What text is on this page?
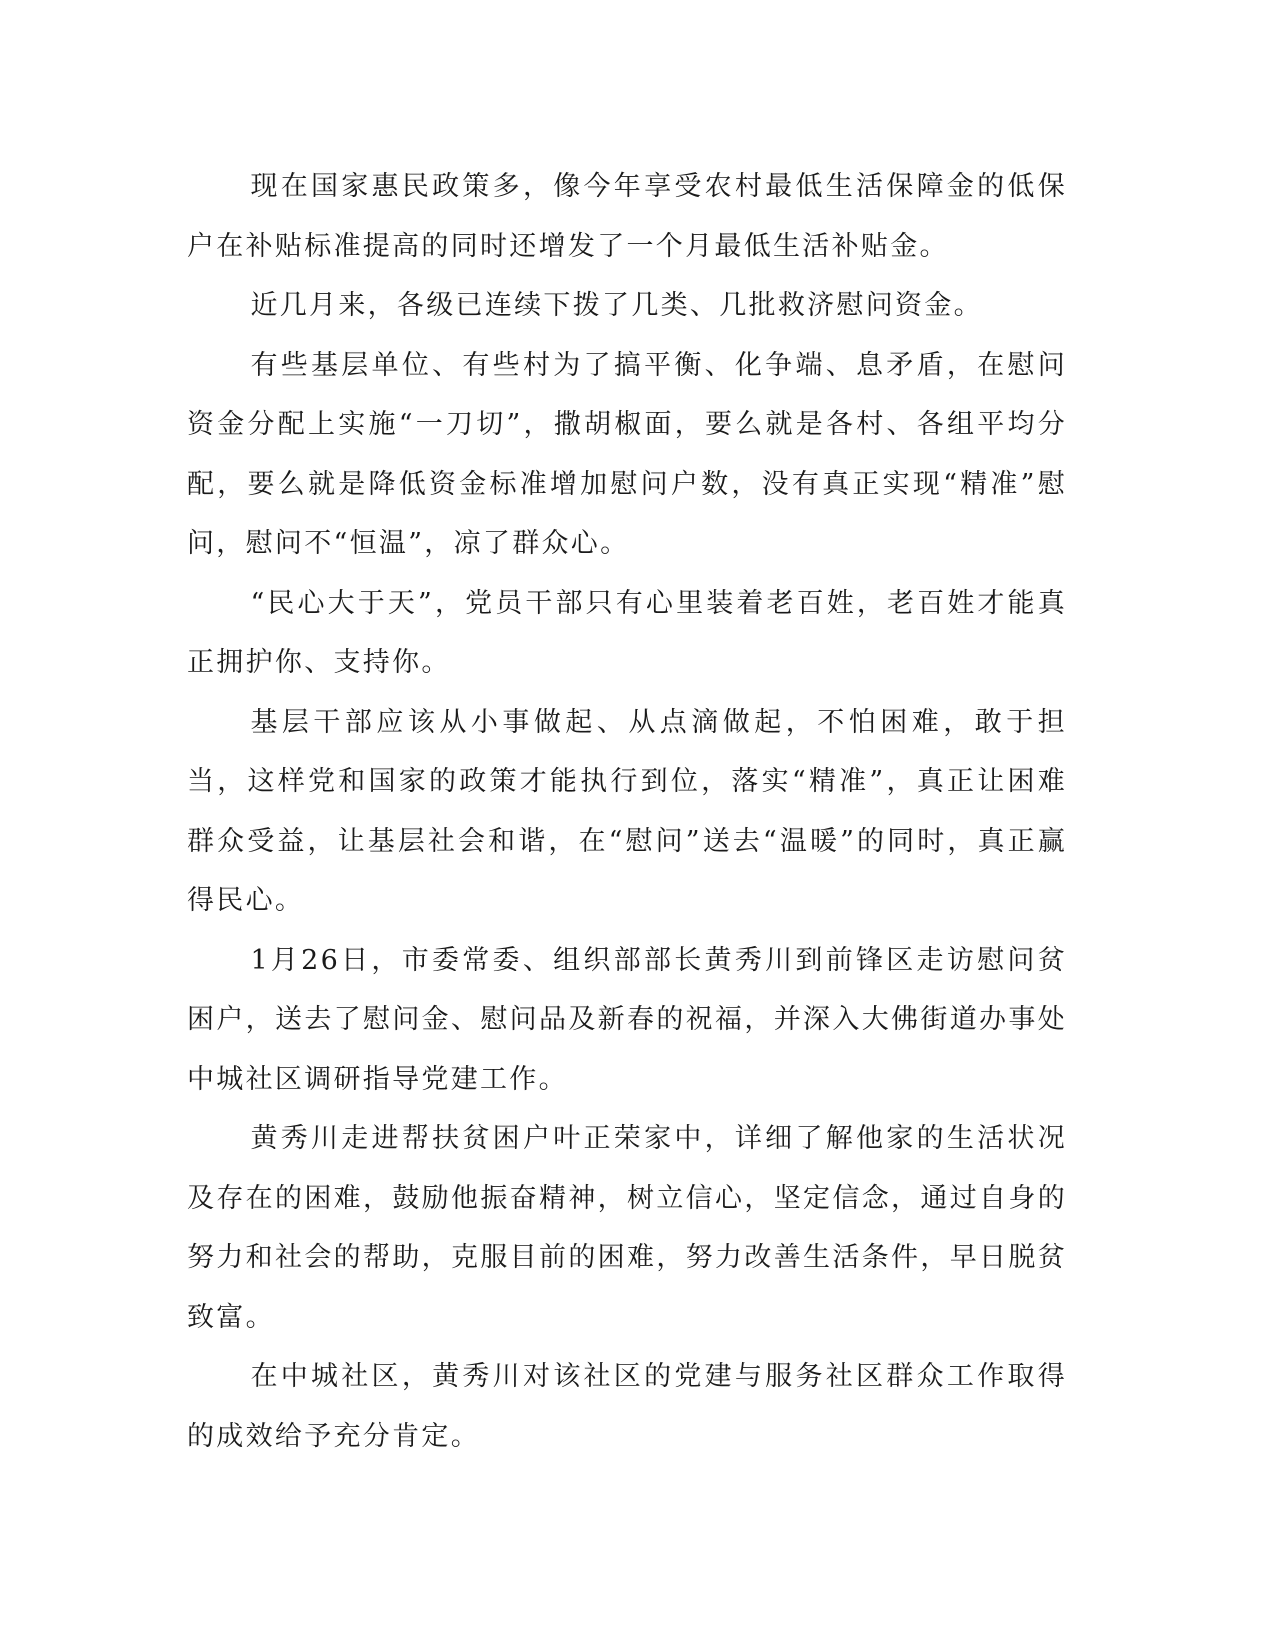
现在国家惠民政策多，像今年享受农村最低生活保障金的低保户在补贴标准提高的同时还增发了一个月最低生活补贴金。

近几月来，各级已连续下拨了几类、几批救济慰问资金。

有些基层单位、有些村为了搞平衡、化争端、息矛盾，在慰问资金分配上实施“一刀切”，撒胡椒面，要么就是各村、各组平均分配，要么就是降低资金标准增加慰问户数，没有真正实现“精准”慰问，慰问不“恒温”，凉了群众心。

“民心大于天”，党员干部只有心里装着老百姓，老百姓才能真正拥护你、支持你。

基层干部应该从小事做起、从点滴做起，不怕困难，敢于担当，这样党和国家的政策才能执行到位，落实“精准”，真正让困难群众受益，让基层社会和谐，在“慰问”送去“温暖”的同时，真正赢得民心。

1月26日，市委常委、组织部部长黄秀川到前锋区走访慰问贫困户，送去了慰问金、慰问品及新春的祝福，并深入大佛街道办事处中城社区调研指导党建工作。

黄秀川走进帮扶贫困户叶正荣家中，详细了解他家的生活状况及存在的困难，鼓励他振奋精神，树立信心，坚定信念，通过自身的努力和社会的帮助，克服目前的困难，努力改善生活条件，早日脱贫致富。

在中城社区，黄秀川对该社区的党建与服务社区群众工作取得的成效给予充分肯定。
